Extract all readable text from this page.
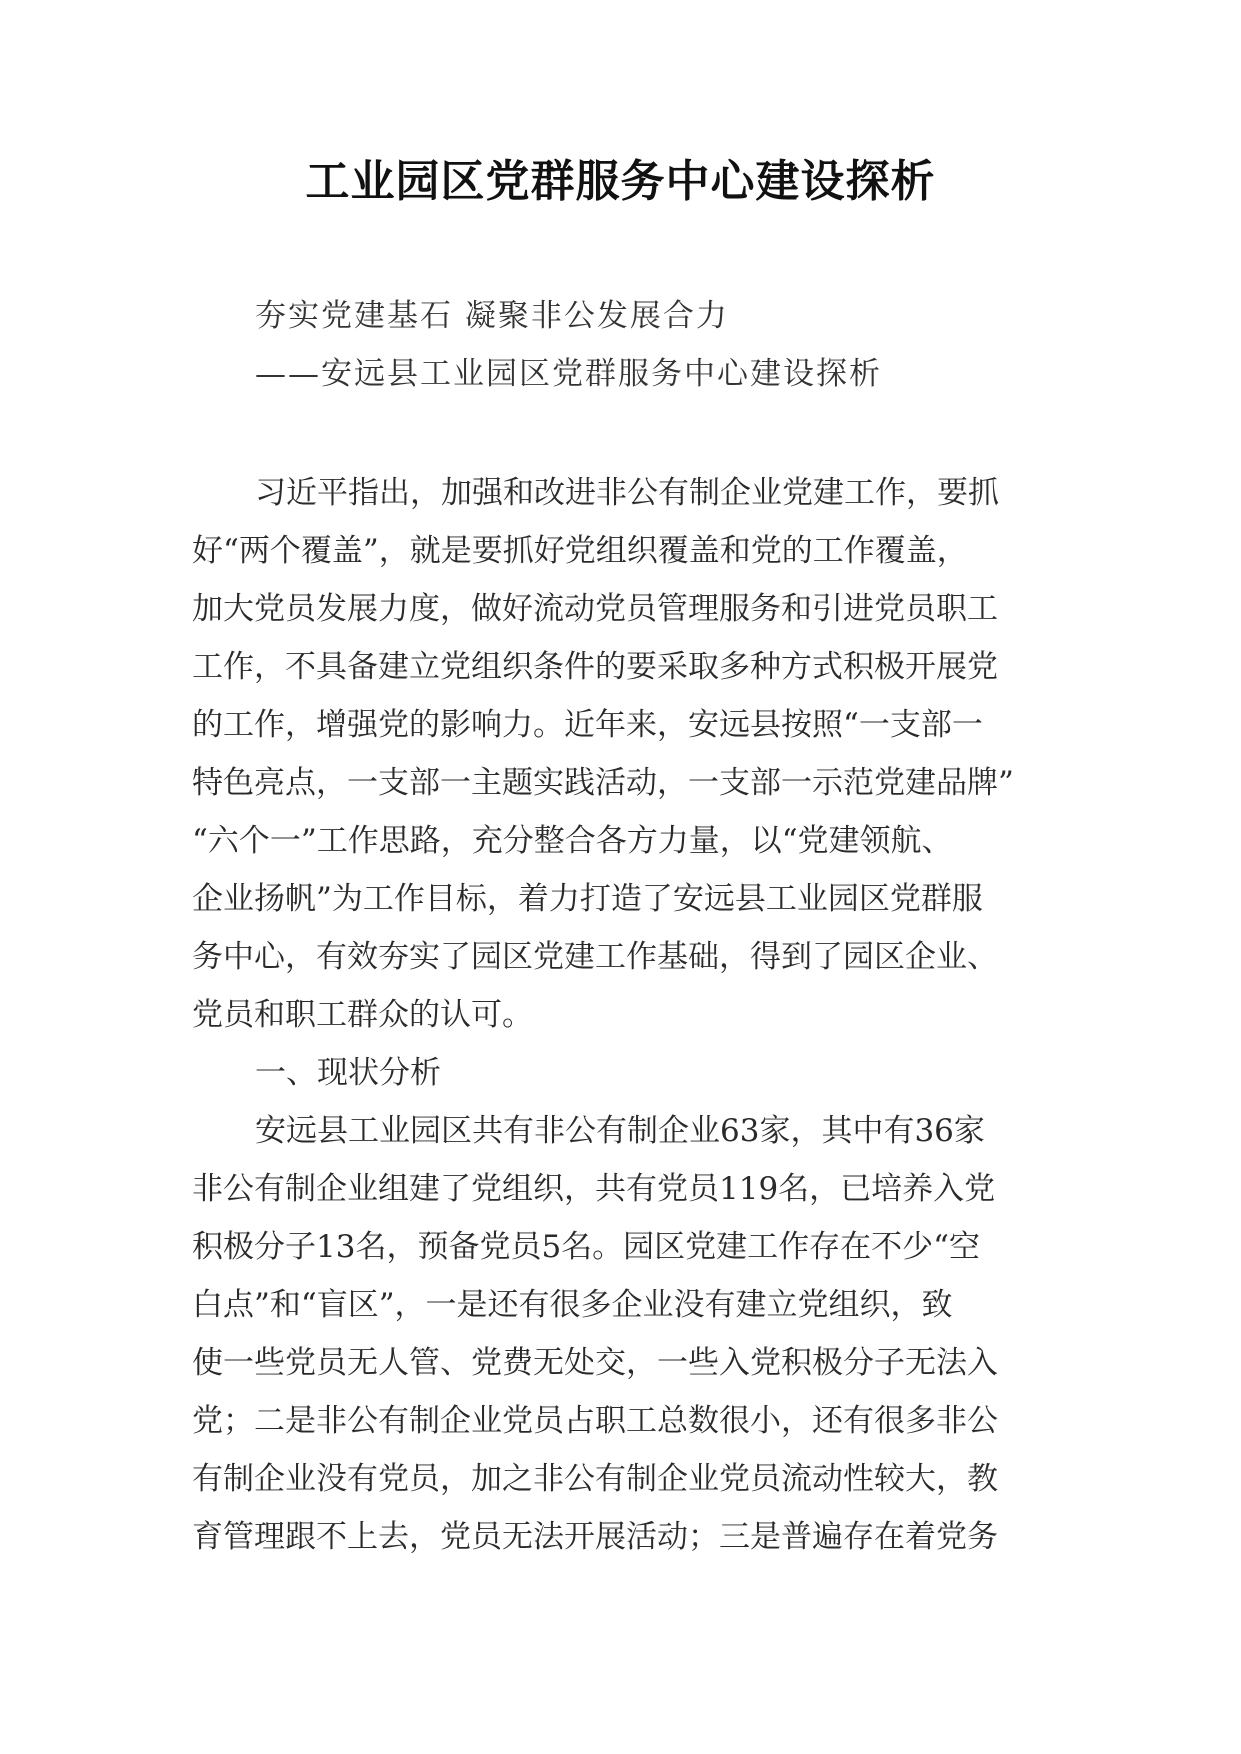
工业园区党群服务中心建设探析
夯实党建基石 凝聚非公发展合力
——安远县工业园区党群服务中心建设探析
习近平指出，加强和改进非公有制企业党建工作，要抓
好“两个覆盖”，就是要抓好党组织覆盖和党的工作覆盖，
加大党员发展力度，做好流动党员管理服务和引进党员职工
工作，不具备建立党组织条件的要采取多种方式积极开展党
的工作，增强党的影响力。近年来，安远县按照“一支部一
特色亮点，一支部一主题实践活动，一支部一示范党建品牌”
“六个一”工作思路，充分整合各方力量，以“党建领航、
企业扬帆”为工作目标，着力打造了安远县工业园区党群服
务中心，有效夯实了园区党建工作基础，得到了园区企业、
党员和职工群众的认可。
一、现状分析
安远县工业园区共有非公有制企业63家，其中有36家
非公有制企业组建了党组织，共有党员119名，已培养入党
积极分子13名，预备党员5名。园区党建工作存在不少“空
白点”和“盲区”，一是还有很多企业没有建立党组织，致
使一些党员无人管、党费无处交，一些入党积极分子无法入
党；二是非公有制企业党员占职工总数很小，还有很多非公
有制企业没有党员，加之非公有制企业党员流动性较大，教
育管理跟不上去，党员无法开展活动；三是普遍存在着党务
